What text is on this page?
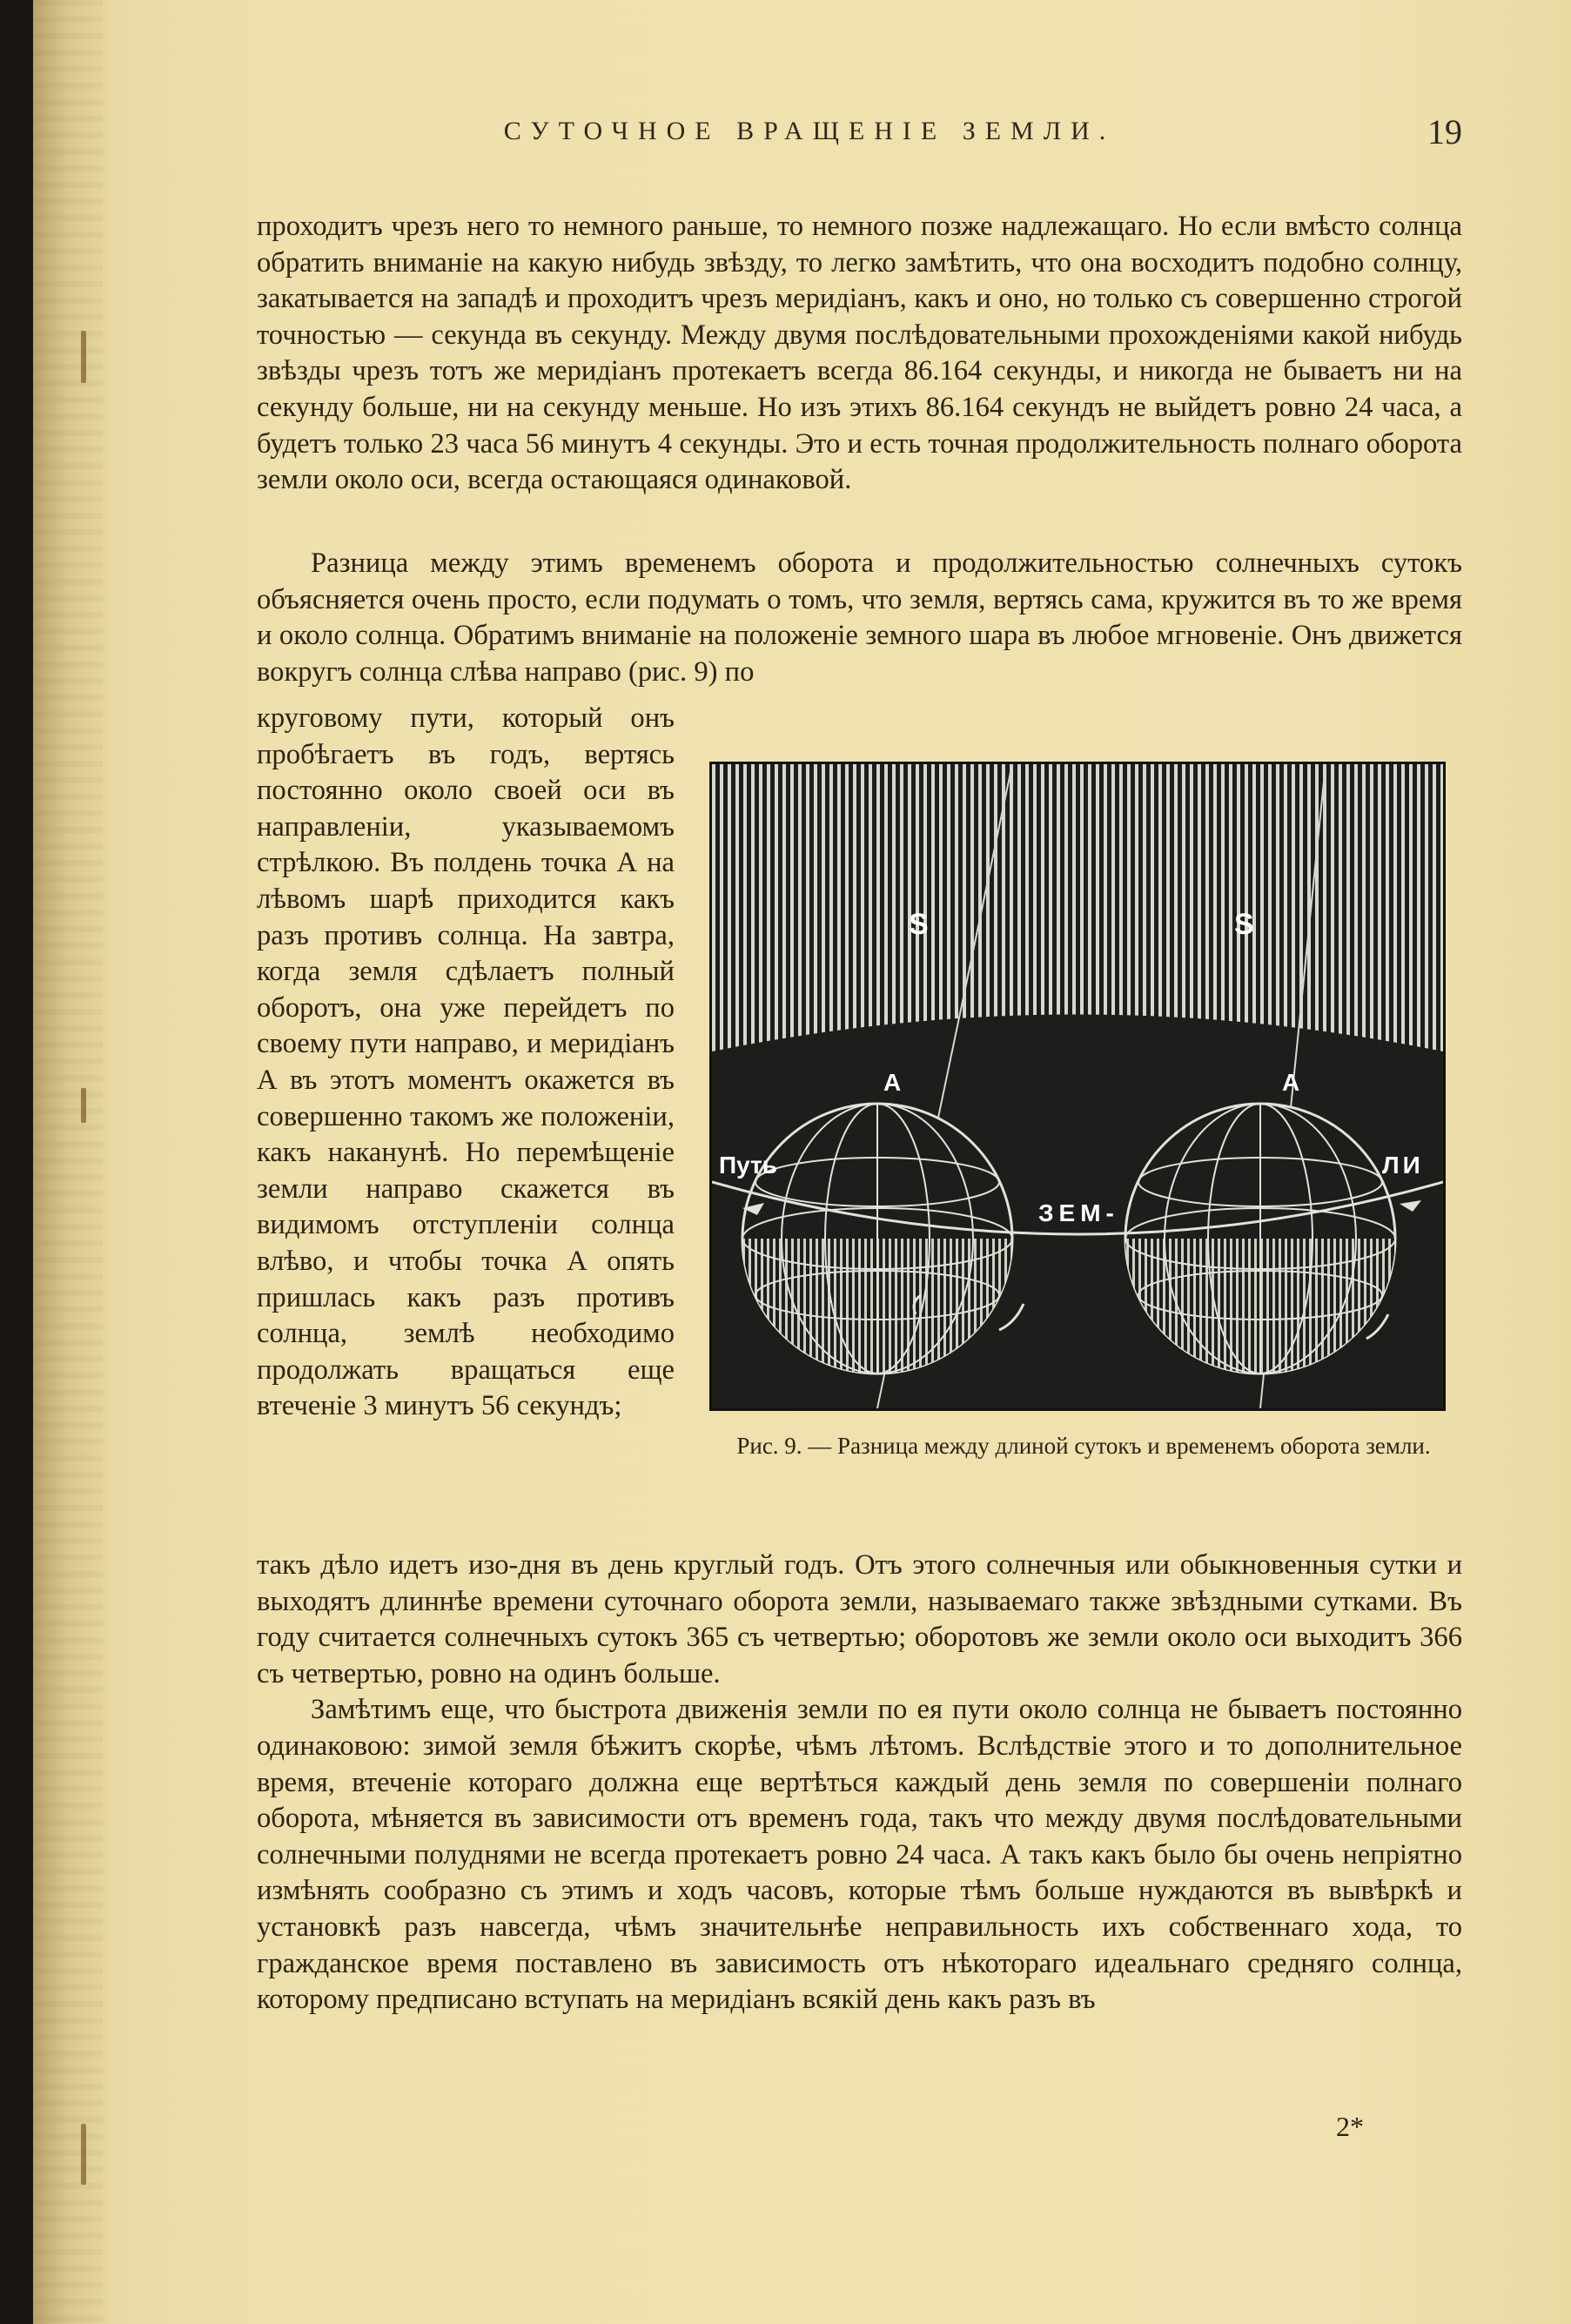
СУТОЧНОЕ ВРАЩЕНІЕ ЗЕМЛИ.	19

проходитъ чрезъ него то немного раньше, то немного позже надлежащаго. Но если вмѣсто солнца обратить вниманіе на какую нибудь звѣзду, то легко замѣтить, что она восходитъ подобно солнцу, закатывается на западѣ и проходитъ чрезъ меридіанъ, какъ и оно, но только съ совершенно строгой точностью — секунда въ секунду. Между двумя послѣдовательными прохожденіями какой нибудь звѣзды чрезъ тотъ же меридіанъ протекаетъ всегда 86.164 секунды, и никогда не бываетъ ни на секунду больше, ни на секунду меньше. Но изъ этихъ 86.164 секундъ не выйдетъ ровно 24 часа, а будетъ только 23 часа 56 минутъ 4 секунды. Это и есть точная продолжительность полнаго оборота земли около оси, всегда остающаяся одинаковой.

Разница между этимъ временемъ оборота и продолжительностью солнечныхъ сутокъ объясняется очень просто, если подумать о томъ, что земля, вертясь сама, кружится въ то же время и около солнца. Обратимъ вниманіе на положеніе земного шара въ любое мгновеніе. Онъ движется вокругъ солнца слѣва направо (рис. 9) по

круговому пути, который онъ пробѣгаетъ въ годъ, вертясь постоянно около своей оси въ направленіи, указываемомъ стрѣлкою. Въ полдень точка А на лѣвомъ шарѣ приходится какъ разъ противъ солнца. На завтра, когда земля сдѣлаетъ полный оборотъ, она уже перейдетъ по своему пути направо, и меридіанъ А въ этотъ моментъ окажется въ совершенно такомъ же положеніи, какъ наканунѣ. Но перемѣщеніе земли направо скажется въ видимомъ отступленіи солнца влѣво, и чтобы точка А опять пришлась какъ разъ противъ солнца, землѣ необходимо продолжать вращаться еще втеченіе 3 минутъ 56 секундъ;
S	S
A	A
Путь
ЗЕМ-
ЛИ
Рис. 9. — Разница между длиной сутокъ и временемъ оборота земли.

такъ дѣло идетъ изо-дня въ день круглый годъ. Отъ этого солнечныя или обыкновенныя сутки и выходятъ длиннѣе времени суточнаго оборота земли, называемаго также звѣздными сутками. Въ году считается солнечныхъ сутокъ 365 съ четвертью; оборотовъ же земли около оси выходитъ 366 съ четвертью, ровно на одинъ больше.

Замѣтимъ еще, что быстрота движенія земли по ея пути около солнца не бываетъ постоянно одинаковою: зимой земля бѣжитъ скорѣе, чѣмъ лѣтомъ. Вслѣдствіе этого и то дополнительное время, втеченіе котораго должна еще вертѣться каждый день земля по совершеніи полнаго оборота, мѣняется въ зависимости отъ временъ года, такъ что между двумя послѣдовательными солнечными полуднями не всегда протекаетъ ровно 24 часа. А такъ какъ было бы очень непріятно измѣнять сообразно съ этимъ и ходъ часовъ, которые тѣмъ больше нуждаются въ вывѣркѣ и установкѣ разъ навсегда, чѣмъ значительнѣе неправильность ихъ собственнаго хода, то гражданское время поставлено въ зависимость отъ нѣкотораго идеальнаго средняго солнца, которому предписано вступать на меридіанъ всякій день какъ разъ въ

2*
